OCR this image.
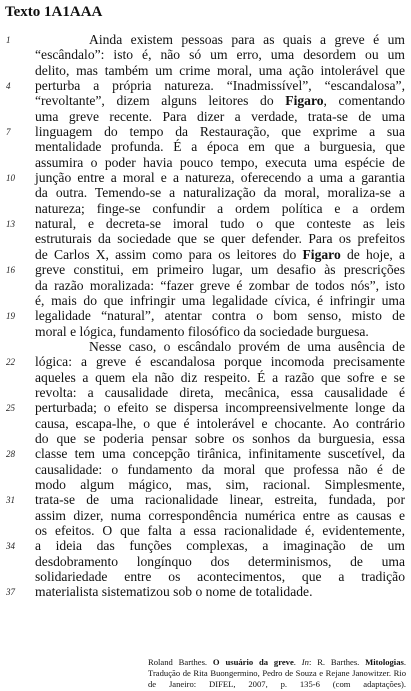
Texto 1A1AAA
1	Ainda existem pessoas para as quais a greve é um
“escândalo”: isto é, não só um erro, uma desordem ou um
delito, mas também um crime moral, uma ação intolerável que
4	perturba a própria natureza. “Inadmissível”, “escandalosa”,
“revoltante”, dizem alguns leitores do Figaro, comentando
uma greve recente. Para dizer a verdade, trata-se de uma
7	linguagem do tempo da Restauração, que exprime a sua
mentalidade profunda. É a época em que a burguesia, que
assumira o poder havia pouco tempo, executa uma espécie de
10	junção entre a moral e a natureza, oferecendo a uma a garantia
da outra. Temendo-se a naturalização da moral, moraliza-se a
natureza; finge-se confundir a ordem política e a ordem
13	natural, e decreta-se imoral tudo o que conteste as leis
estruturais da sociedade que se quer defender. Para os prefeitos
de Carlos X, assim como para os leitores do Figaro de hoje, a
16	greve constitui, em primeiro lugar, um desafio às prescrições
da razão moralizada: “fazer greve é zombar de todos nós”, isto
é, mais do que infringir uma legalidade cívica, é infringir uma
19	legalidade “natural”, atentar contra o bom senso, misto de
moral e lógica, fundamento filosófico da sociedade burguesa.
Nesse caso, o escândalo provém de uma ausência de
22	lógica: a greve é escandalosa porque incomoda precisamente
aqueles a quem ela não diz respeito. É a razão que sofre e se
revolta: a causalidade direta, mecânica, essa causalidade é
25	perturbada; o efeito se dispersa incompreensivelmente longe da
causa, escapa-lhe, o que é intolerável e chocante. Ao contrário
do que se poderia pensar sobre os sonhos da burguesia, essa
28	classe tem uma concepção tirânica, infinitamente suscetível, da
causalidade: o fundamento da moral que professa não é de
modo algum mágico, mas, sim, racional. Simplesmente,
31	trata-se de uma racionalidade linear, estreita, fundada, por
assim dizer, numa correspondência numérica entre as causas e
os efeitos. O que falta a essa racionalidade é, evidentemente,
34	a ideia das funções complexas, a imaginação de um
desdobramento longínquo dos determinismos, de uma
solidariedade entre os acontecimentos, que a tradição
37	materialista sistematizou sob o nome de totalidade.
Roland Barthes. O usuário da greve. In: R. Barthes. Mitologias.
Tradução de Rita Buongermino, Pedro de Souza e Rejane Janowitzer. Rio
de Janeiro: DIFEL, 2007, p. 135-6 (com adaptações).
